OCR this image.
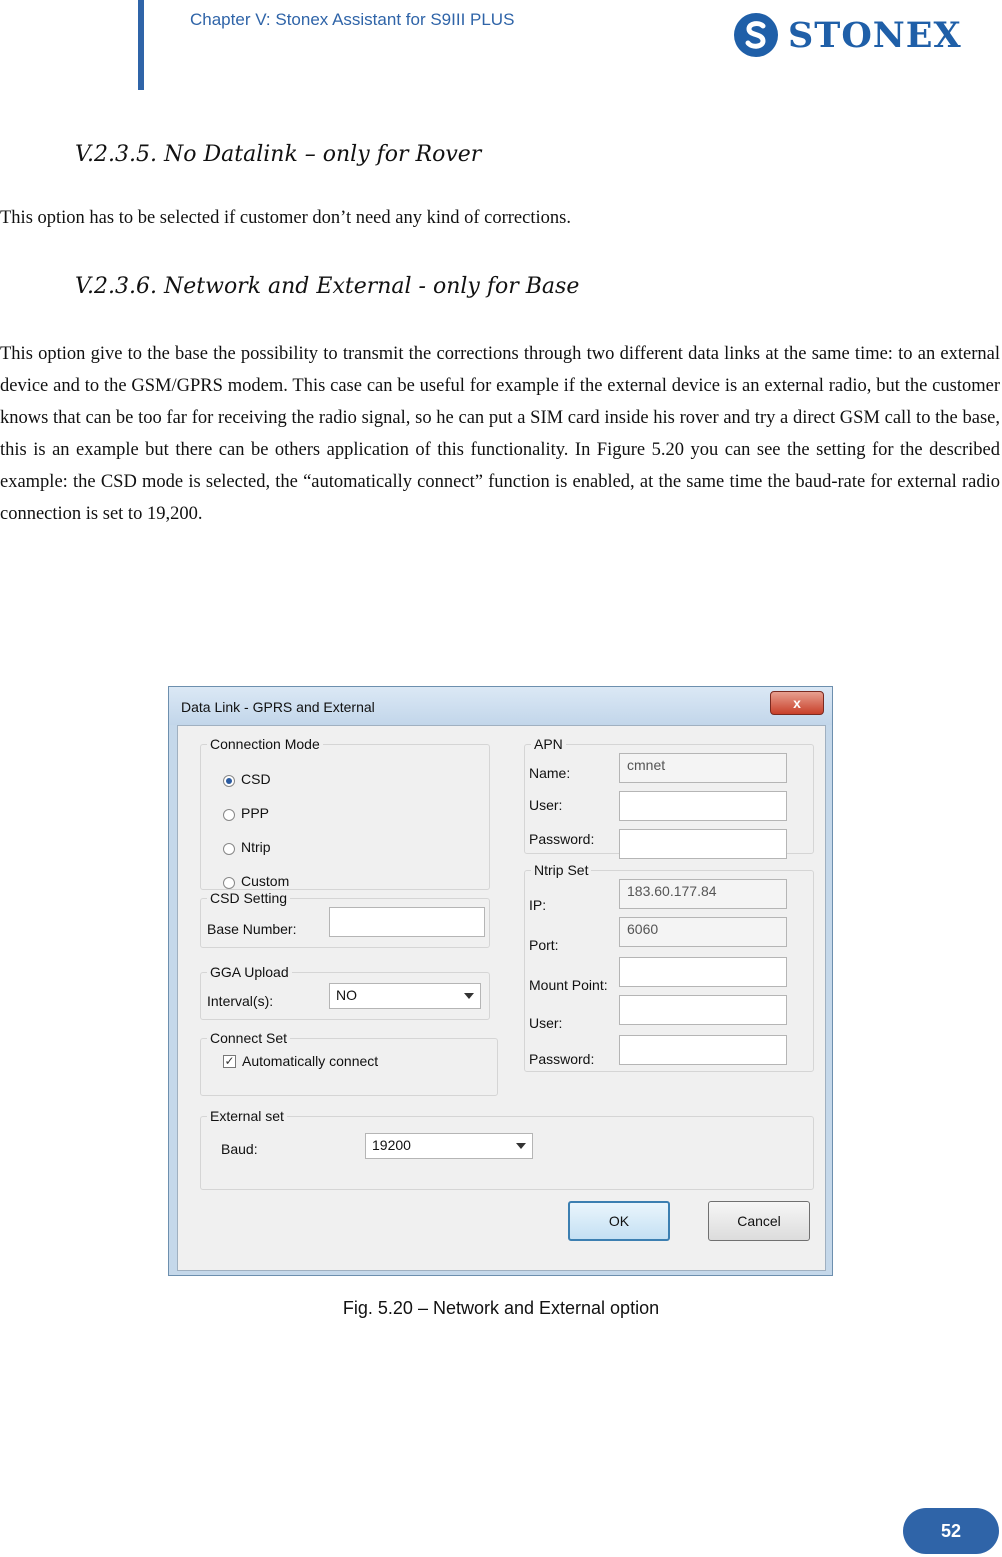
Chapter V: Stonex Assistant for S9III PLUS	STONEX
V.2.3.5. No Datalink – only for Rover
This option has to be selected if customer don’t need any kind of corrections.
V.2.3.6. Network and External - only for Base
This option give to the base the possibility to transmit the corrections through two different data links at the same time: to an external device and to the GSM/GPRS modem. This case can be useful for example if the external device is an external radio, but the customer knows that can be too far for receiving the radio signal, so he can put a SIM card inside his rover and try a direct GSM call to the base, this is an example but there can be others application of this functionality. In Figure 5.20 you can see the setting for the described example: the CSD mode is selected, the “automatically connect” function is enabled, at the same time the baud-rate for external radio connection is set to 19,200.
Data Link - GPRS and External	x
Connection Mode
CSD
PPP
Ntrip
Custom
CSD Setting
Base Number:
GGA Upload
Interval(s):	NO
Connect Set
✓ Automatically connect
External set
Baud:	19200
APN
Name:	cmnet
User:
Password:
Ntrip Set
IP:
183.60.177.84
Port:
6060
Mount Point:
User:
Password:
OK	Cancel
Fig. 5.20 – Network and External option
52
